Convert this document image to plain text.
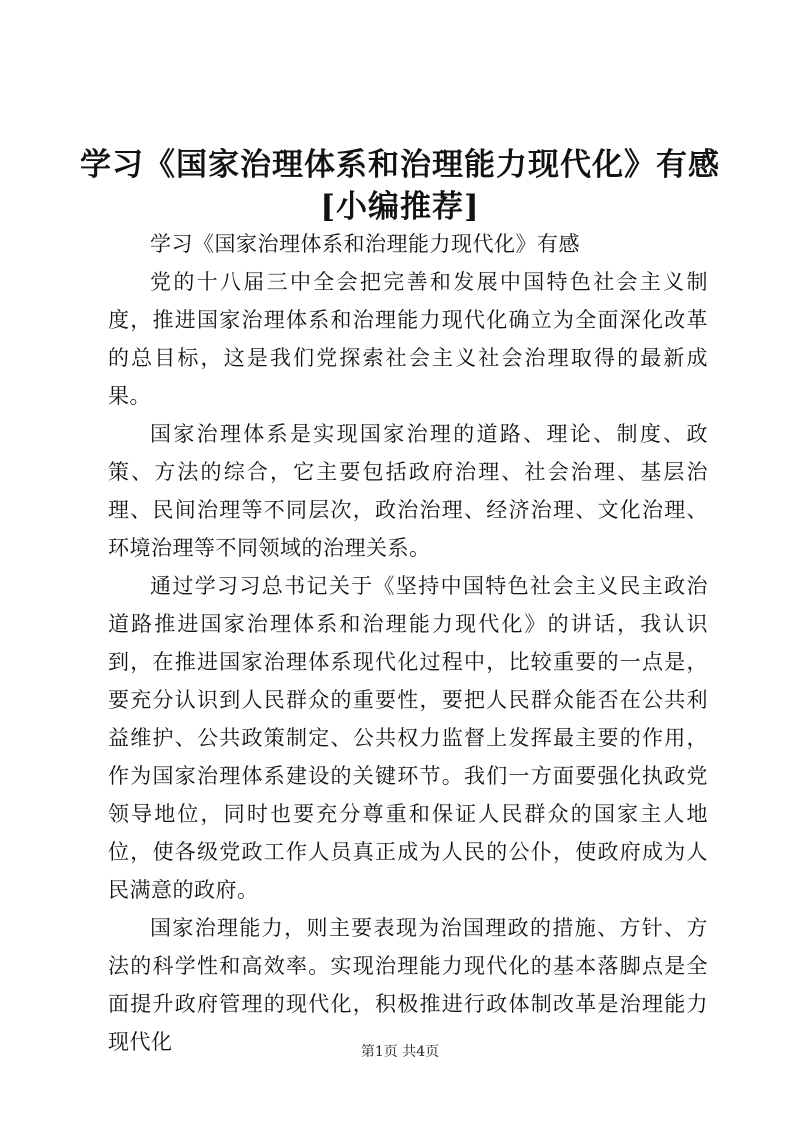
学习《国家治理体系和治理能力现代化》有感
[小编推荐]

学习《国家治理体系和治理能力现代化》有感

党的十八届三中全会把完善和发展中国特色社会主义制度，推进国家治理体系和治理能力现代化确立为全面深化改革的总目标，这是我们党探索社会主义社会治理取得的最新成果。

国家治理体系是实现国家治理的道路、理论、制度、政策、方法的综合，它主要包括政府治理、社会治理、基层治理、民间治理等不同层次，政治治理、经济治理、文化治理、环境治理等不同领域的治理关系。

通过学习习总书记关于《坚持中国特色社会主义民主政治道路推进国家治理体系和治理能力现代化》的讲话，我认识到，在推进国家治理体系现代化过程中，比较重要的一点是，要充分认识到人民群众的重要性，要把人民群众能否在公共利益维护、公共政策制定、公共权力监督上发挥最主要的作用，作为国家治理体系建设的关键环节。我们一方面要强化执政党领导地位，同时也要充分尊重和保证人民群众的国家主人地位，使各级党政工作人员真正成为人民的公仆，使政府成为人民满意的政府。

国家治理能力，则主要表现为治国理政的措施、方针、方法的科学性和高效率。实现治理能力现代化的基本落脚点是全面提升政府管理的现代化，积极推进行政体制改革是治理能力现代化	第1页 共4页
